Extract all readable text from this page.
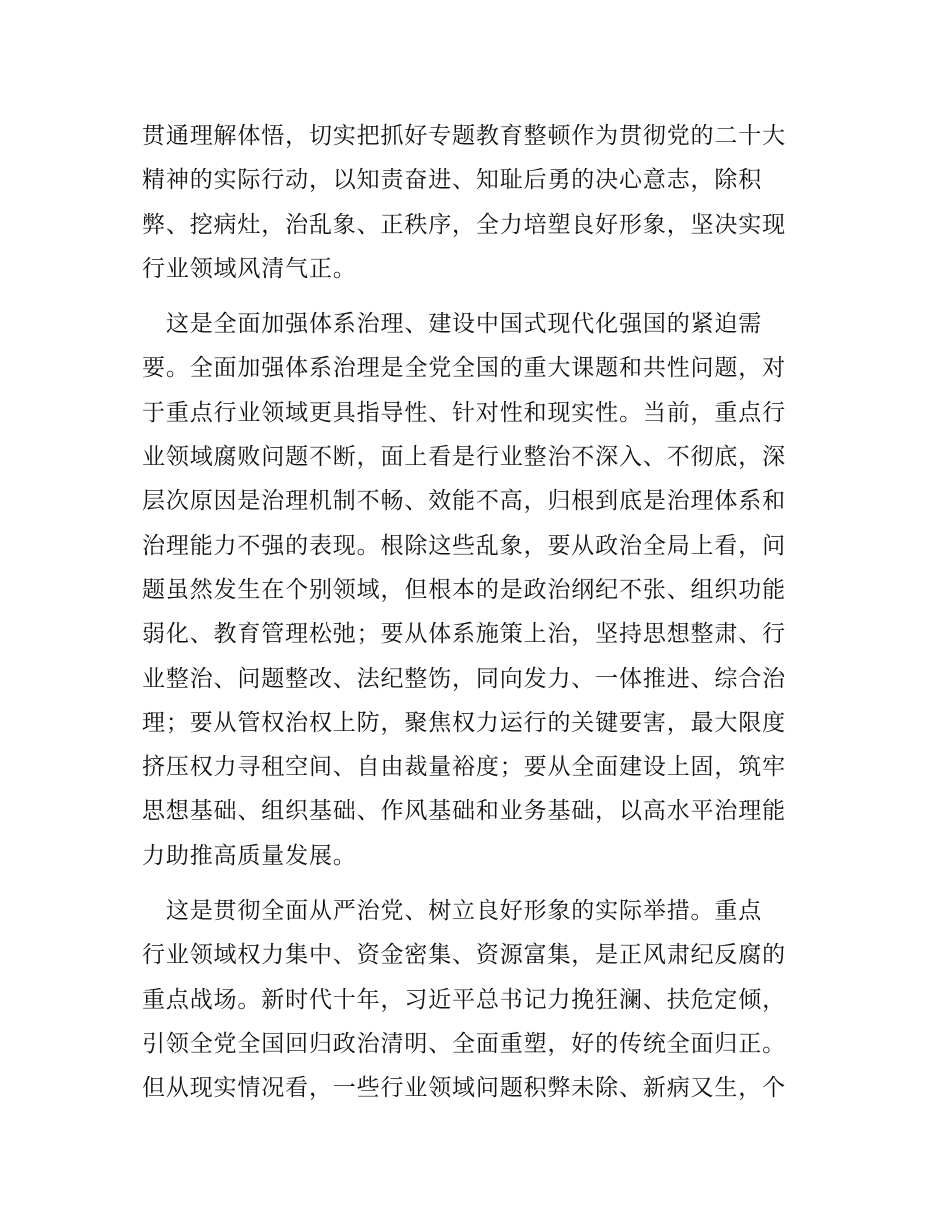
贯通理解体悟，切实把抓好专题教育整顿作为贯彻党的二十大
精神的实际行动，以知责奋进、知耻后勇的决心意志，除积
弊、挖病灶，治乱象、正秩序，全力培塑良好形象，坚决实现
行业领域风清气正。

　这是全面加强体系治理、建设中国式现代化强国的紧迫需
要。全面加强体系治理是全党全国的重大课题和共性问题，对
于重点行业领域更具指导性、针对性和现实性。当前，重点行
业领域腐败问题不断，面上看是行业整治不深入、不彻底，深
层次原因是治理机制不畅、效能不高，归根到底是治理体系和
治理能力不强的表现。根除这些乱象，要从政治全局上看，问
题虽然发生在个别领域，但根本的是政治纲纪不张、组织功能
弱化、教育管理松弛；要从体系施策上治，坚持思想整肃、行
业整治、问题整改、法纪整饬，同向发力、一体推进、综合治
理；要从管权治权上防，聚焦权力运行的关键要害，最大限度
挤压权力寻租空间、自由裁量裕度；要从全面建设上固，筑牢
思想基础、组织基础、作风基础和业务基础，以高水平治理能
力助推高质量发展。

　这是贯彻全面从严治党、树立良好形象的实际举措。重点
行业领域权力集中、资金密集、资源富集，是正风肃纪反腐的
重点战场。新时代十年，习近平总书记力挽狂澜、扶危定倾，
引领全党全国回归政治清明、全面重塑，好的传统全面归正。
但从现实情况看，一些行业领域问题积弊未除、新病又生，个
